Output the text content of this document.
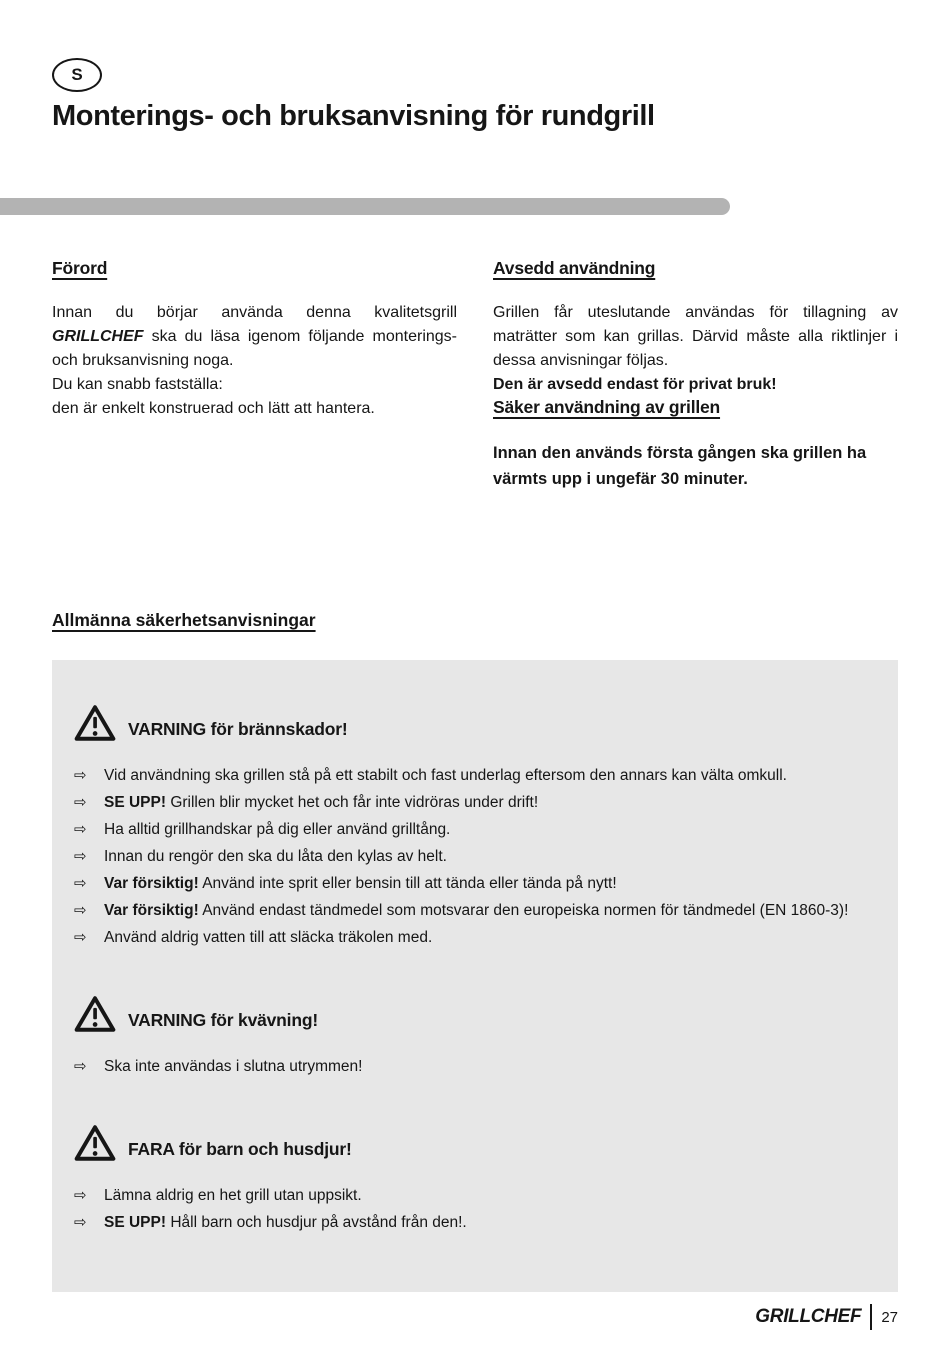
S
Monterings- och bruksanvisning för rundgrill
Förord

Innan du börjar använda denna kvalitetsgrill GRILLCHEF ska du läsa igenom följande monterings- och bruksanvisning noga.

Du kan snabb fastställa:
den är enkelt konstruerad och lätt att hantera.
Avsedd användning

Grillen får uteslutande användas för tillagning av maträtter som kan grillas. Därvid måste alla riktlinjer i dessa anvisningar följas.

Den är avsedd endast för privat bruk!
Säker användning av grillen

Innan den används första gången ska grillen ha värmts upp i ungefär 30 minuter.

Allmänna säkerhetsanvisningar
VARNING för brännskador!
⇨	Vid användning ska grillen stå på ett stabilt och fast underlag eftersom den annars kan välta omkull.
⇨	SE UPP! Grillen blir mycket het och får inte vidröras under drift!
⇨	Ha alltid grillhandskar på dig eller använd grilltång.
⇨	Innan du rengör den ska du låta den kylas av helt.
⇨	Var försiktig! Använd inte sprit eller bensin till att tända eller tända på nytt!
⇨	Var försiktig! Använd endast tändmedel som motsvarar den europeiska normen för tändmedel (EN 1860-3)!
⇨	Använd aldrig vatten till att släcka träkolen med.
VARNING för kvävning!
⇨	Ska inte användas i slutna utrymmen!
FARA för barn och husdjur!
⇨	Lämna aldrig en het grill utan uppsikt.
⇨	SE UPP! Håll barn och husdjur på avstånd från den!.
GRILLCHEF 27
